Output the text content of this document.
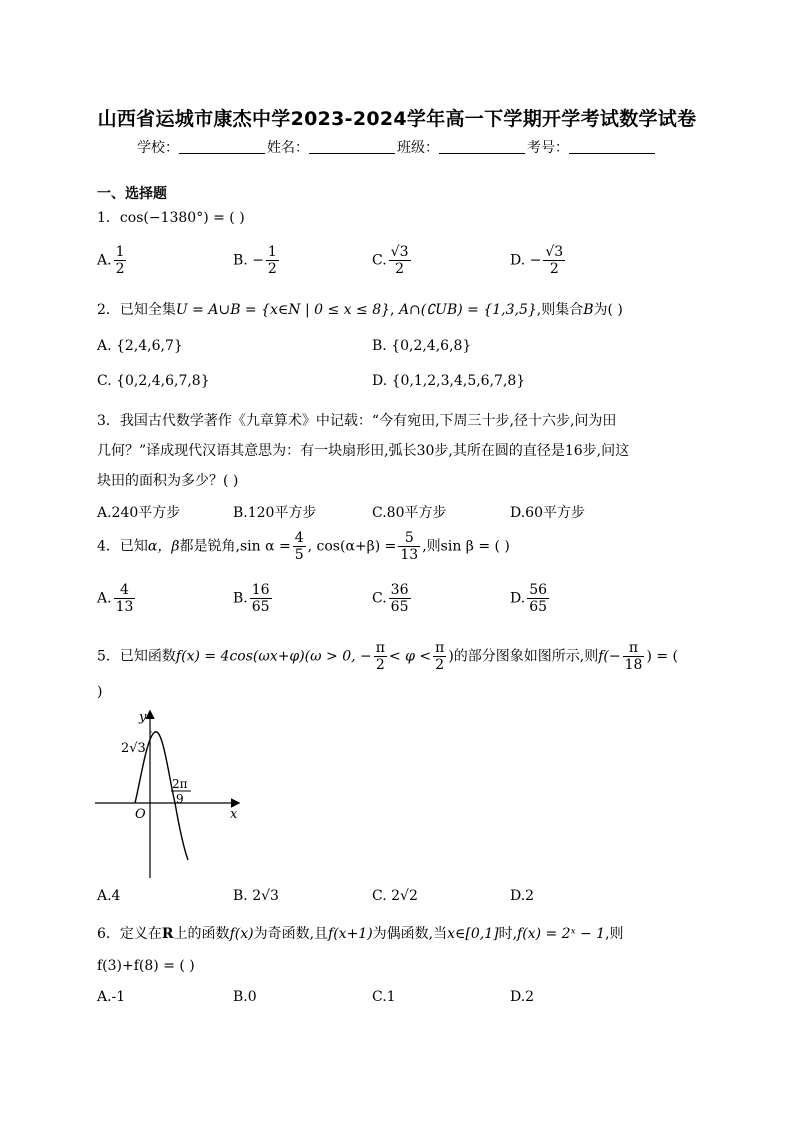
山西省运城市康杰中学2023-2024学年高一下学期开学考试数学试卷
学校：	姓名：	班级：	考号：
一、选择题
1．cos(−1380°) = ( )
A. $\frac{1}{2}$	B. − $\frac{1}{2}$	C. $\frac{√3}{2}$	D. − $\frac{√3}{2}$
2．已知全集U = A∪B = {x∈N | 0 ≤ x ≤ 8}, A∩(∁UB) = {1,3,5},则集合B为( )
A. {2,4,6,7}	B. {0,2,4,6,8}
C. {0,2,4,6,7,8}	D. {0,1,2,3,4,5,6,7,8}
3．我国古代数学著作《九章算术》中记载：“今有宛田,下周三十步,径十六步,问为田
几何？”译成现代汉语其意思为：有一块扇形田,弧长30步,其所在圆的直径是16步,问这
块田的面积为多少？( )
A.240平方步	B.120平方步	C.80平方步	D.60平方步
4．已知α，β都是锐角,sin $\alpha = \frac{4}{5}$ , $\cos(\alpha+\beta) = \frac{5}{13}$ ,则sin β = ( )
A. $\frac{4}{13}$	B. $\frac{16}{65}$	C. $\frac{36}{65}$	D. $\frac{56}{65}$
5．已知函数f(x) = 4cos(ωx+φ)(ω > 0, − $\frac{\pi}{2} < \varphi < \frac{\pi}{2}$ )的部分图象如图所示,则$f(- \frac{\pi}{18}$ ) = (
)
y
x
O
2√3
2π
9
A.4	B. 2√3	C. 2√2	D.2
6．定义在R上的函数f(x)为奇函数,且f(x+1)为偶函数,当x∈[0,1]时,f(x) = 2ˣ − 1,则
f(3)+f(8) = ( )
A.-1	B.0	C.1	D.2
